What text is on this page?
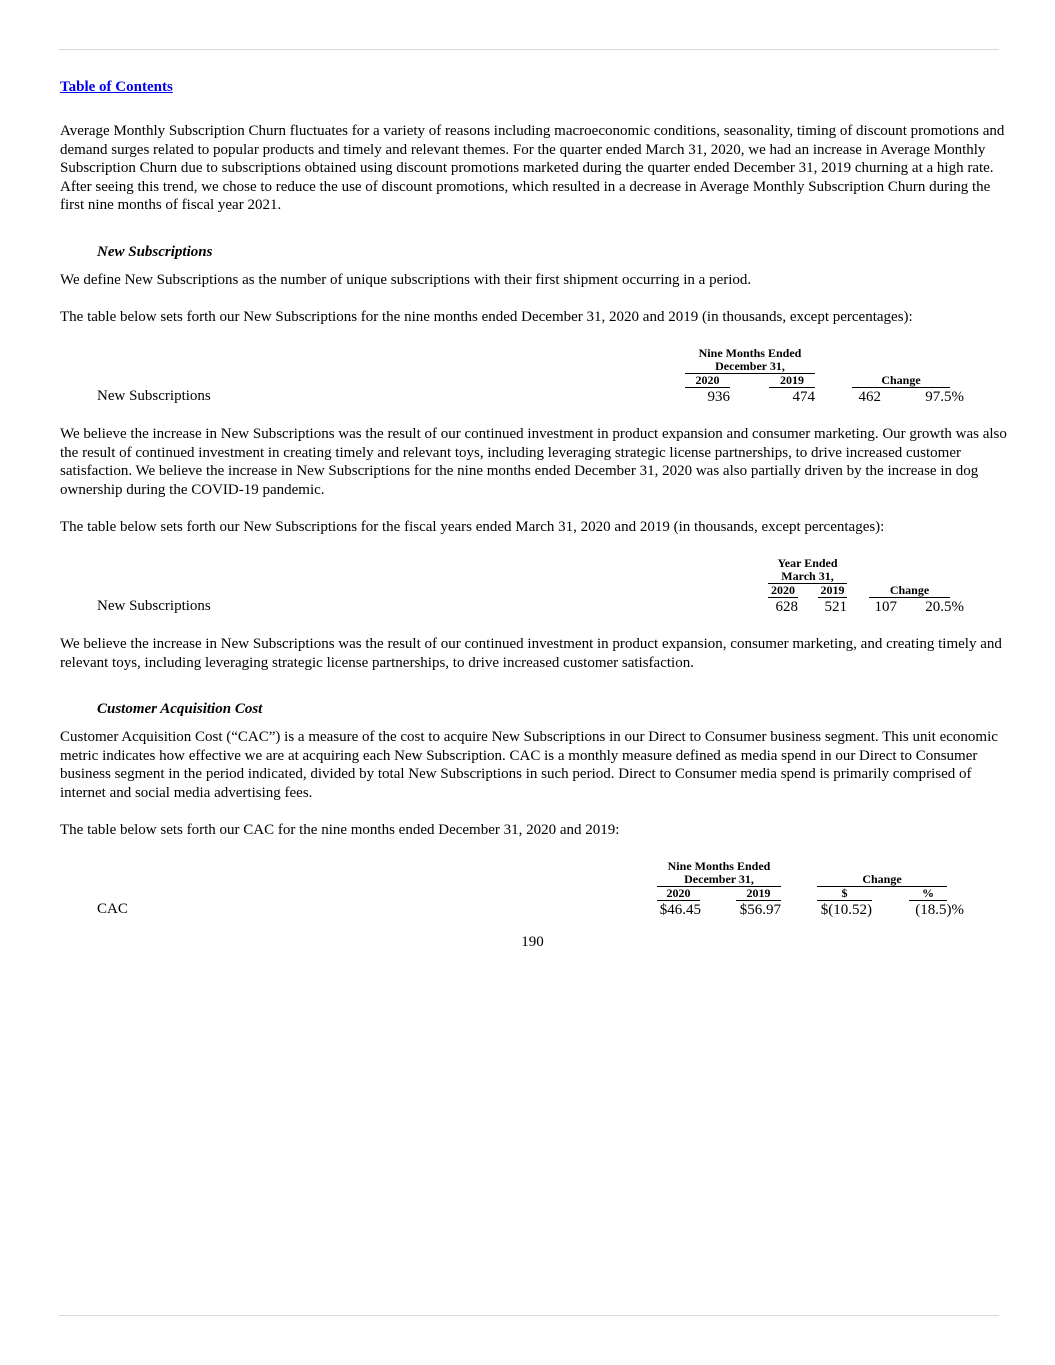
Table of Contents

Average Monthly Subscription Churn fluctuates for a variety of reasons including macroeconomic conditions, seasonality, timing of discount promotions and demand surges related to popular products and timely and relevant themes. For the quarter ended March 31, 2020, we had an increase in Average Monthly Subscription Churn due to subscriptions obtained using discount promotions marketed during the quarter ended December 31, 2019 churning at a high rate. After seeing this trend, we chose to reduce the use of discount promotions, which resulted in a decrease in Average Monthly Subscription Churn during the first nine months of fiscal year 2021.

New Subscriptions

We define New Subscriptions as the number of unique subscriptions with their first shipment occurring in a period.

The table below sets forth our New Subscriptions for the nine months ended December 31, 2020 and 2019 (in thousands, except percentages):

Nine Months Ended
December 31,
2020	2019	Change
New Subscriptions	936	474	462	97.5%

We believe the increase in New Subscriptions was the result of our continued investment in product expansion and consumer marketing. Our growth was also the result of continued investment in creating timely and relevant toys, including leveraging strategic license partnerships, to drive increased customer satisfaction. We believe the increase in New Subscriptions for the nine months ended December 31, 2020 was also partially driven by the increase in dog ownership during the COVID-19 pandemic.

The table below sets forth our New Subscriptions for the fiscal years ended March 31, 2020 and 2019 (in thousands, except percentages):

Year Ended
March 31,
2020 2019	Change
New Subscriptions	628	521	107	20.5%

We believe the increase in New Subscriptions was the result of our continued investment in product expansion, consumer marketing, and creating timely and relevant toys, including leveraging strategic license partnerships, to drive increased customer satisfaction.

Customer Acquisition Cost

Customer Acquisition Cost (“CAC”) is a measure of the cost to acquire New Subscriptions in our Direct to Consumer business segment. This unit economic metric indicates how effective we are at acquiring each New Subscription. CAC is a monthly measure defined as media spend in our Direct to Consumer business segment in the period indicated, divided by total New Subscriptions in such period. Direct to Consumer media spend is primarily comprised of internet and social media advertising fees.

The table below sets forth our CAC for the nine months ended December 31, 2020 and 2019:

Nine Months Ended
December 31,	Change
2020	2019	$	%
CAC	$46.45	$56.97	$(10.52)	(18.5)%
190
